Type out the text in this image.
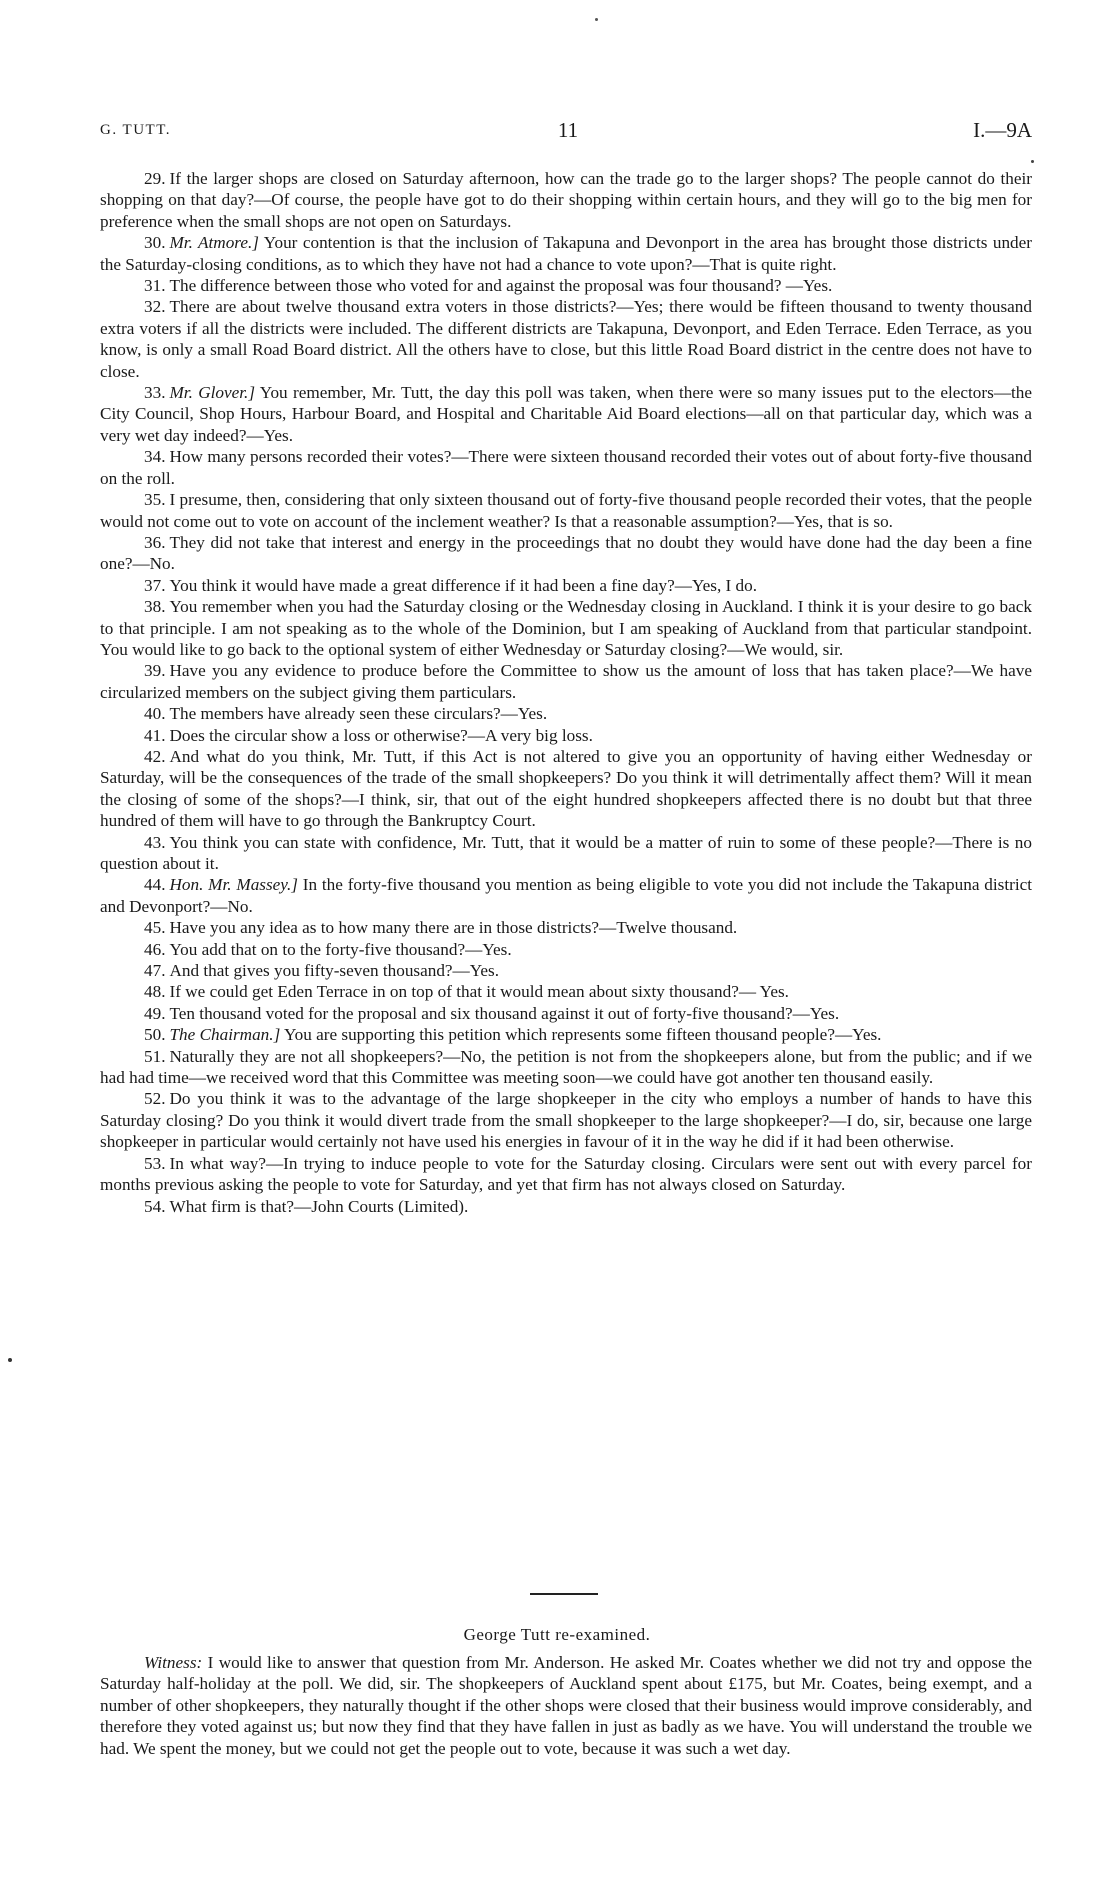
G. TUTT.	11	I.—9A

29. If the larger shops are closed on Saturday afternoon, how can the trade go to the larger shops? The people cannot do their shopping on that day?—Of course, the people have got to do their shopping within certain hours, and they will go to the big men for preference when the small shops are not open on Saturdays.

30. Mr. Atmore.] Your contention is that the inclusion of Takapuna and Devonport in the area has brought those districts under the Saturday-closing conditions, as to which they have not had a chance to vote upon?—That is quite right.

31. The difference between those who voted for and against the proposal was four thousand? —Yes.

32. There are about twelve thousand extra voters in those districts?—Yes; there would be fifteen thousand to twenty thousand extra voters if all the districts were included. The different districts are Takapuna, Devonport, and Eden Terrace. Eden Terrace, as you know, is only a small Road Board district. All the others have to close, but this little Road Board district in the centre does not have to close.

33. Mr. Glover.] You remember, Mr. Tutt, the day this poll was taken, when there were so many issues put to the electors—the City Council, Shop Hours, Harbour Board, and Hospital and Charitable Aid Board elections—all on that particular day, which was a very wet day indeed?—Yes.

34. How many persons recorded their votes?—There were sixteen thousand recorded their votes out of about forty-five thousand on the roll.

35. I presume, then, considering that only sixteen thousand out of forty-five thousand people recorded their votes, that the people would not come out to vote on account of the inclement weather? Is that a reasonable assumption?—Yes, that is so.

36. They did not take that interest and energy in the proceedings that no doubt they would have done had the day been a fine one?—No.

37. You think it would have made a great difference if it had been a fine day?—Yes, I do.

38. You remember when you had the Saturday closing or the Wednesday closing in Auckland. I think it is your desire to go back to that principle. I am not speaking as to the whole of the Dominion, but I am speaking of Auckland from that particular standpoint. You would like to go back to the optional system of either Wednesday or Saturday closing?—We would, sir.

39. Have you any evidence to produce before the Committee to show us the amount of loss that has taken place?—We have circularized members on the subject giving them particulars.

40. The members have already seen these circulars?—Yes.

41. Does the circular show a loss or otherwise?—A very big loss.

42. And what do you think, Mr. Tutt, if this Act is not altered to give you an opportunity of having either Wednesday or Saturday, will be the consequences of the trade of the small shopkeepers? Do you think it will detrimentally affect them? Will it mean the closing of some of the shops?—I think, sir, that out of the eight hundred shopkeepers affected there is no doubt but that three hundred of them will have to go through the Bankruptcy Court.

43. You think you can state with confidence, Mr. Tutt, that it would be a matter of ruin to some of these people?—There is no question about it.

44. Hon. Mr. Massey.] In the forty-five thousand you mention as being eligible to vote you did not include the Takapuna district and Devonport?—No.

45. Have you any idea as to how many there are in those districts?—Twelve thousand.

46. You add that on to the forty-five thousand?—Yes.

47. And that gives you fifty-seven thousand?—Yes.

48. If we could get Eden Terrace in on top of that it would mean about sixty thousand?— Yes.

49. Ten thousand voted for the proposal and six thousand against it out of forty-five thousand?—Yes.

50. The Chairman.] You are supporting this petition which represents some fifteen thousand people?—Yes.

51. Naturally they are not all shopkeepers?—No, the petition is not from the shopkeepers alone, but from the public; and if we had had time—we received word that this Committee was meeting soon—we could have got another ten thousand easily.

52. Do you think it was to the advantage of the large shopkeeper in the city who employs a number of hands to have this Saturday closing? Do you think it would divert trade from the small shopkeeper to the large shopkeeper?—I do, sir, because one large shopkeeper in particular would certainly not have used his energies in favour of it in the way he did if it had been otherwise.

53. In what way?—In trying to induce people to vote for the Saturday closing. Circulars were sent out with every parcel for months previous asking the people to vote for Saturday, and yet that firm has not always closed on Saturday.

54. What firm is that?—John Courts (Limited).

George Tutt re-examined.

Witness: I would like to answer that question from Mr. Anderson. He asked Mr. Coates whether we did not try and oppose the Saturday half-holiday at the poll. We did, sir. The shopkeepers of Auckland spent about £175, but Mr. Coates, being exempt, and a number of other shopkeepers, they naturally thought if the other shops were closed that their business would improve considerably, and therefore they voted against us; but now they find that they have fallen in just as badly as we have. You will understand the trouble we had. We spent the money, but we could not get the people out to vote, because it was such a wet day.
